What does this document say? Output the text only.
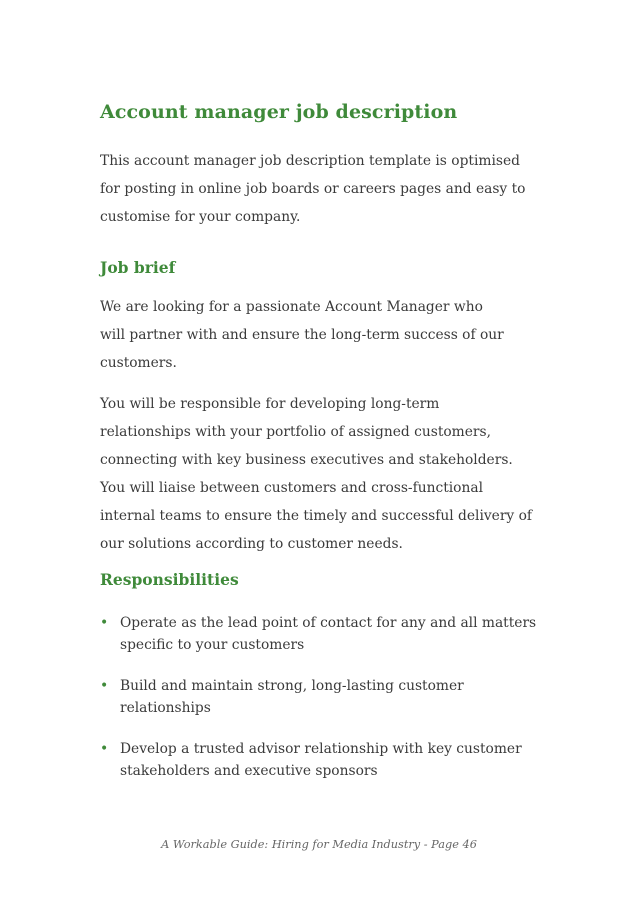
Account manager job description

This account manager job description template is optimised
for posting in online job boards or careers pages and easy to
customise for your company.

Job brief

We are looking for a passionate Account Manager who
will partner with and ensure the long-term success of our
customers.

You will be responsible for developing long-term
relationships with your portfolio of assigned customers,
connecting with key business executives and stakeholders.
You will liaise between customers and cross-functional
internal teams to ensure the timely and successful delivery of
our solutions according to customer needs.

Responsibilities
• Operate as the lead point of contact for any and all matters specific to your customers
• Build and maintain strong, long-lasting customer relationships
• Develop a trusted advisor relationship with key customer stakeholders and executive sponsors

A Workable Guide: Hiring for Media Industry - Page 46
